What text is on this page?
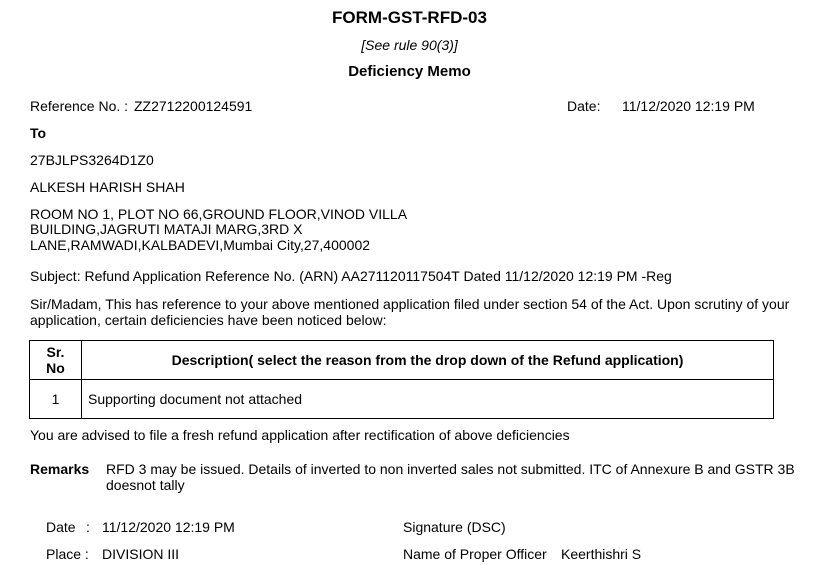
FORM-GST-RFD-03
[See rule 90(3)]
Deficiency Memo
Reference No. : ZZ2712200124591	Date: 11/12/2020 12:19 PM
To
27BJLPS3264D1Z0
ALKESH HARISH SHAH
ROOM NO 1, PLOT NO 66,GROUND FLOOR,VINOD VILLA
BUILDING,JAGRUTI MATAJI MARG,3RD X
LANE,RAMWADI,KALBADEVI,Mumbai City,27,400002
Subject: Refund Application Reference No. (ARN) AA271120117504T Dated 11/12/2020 12:19 PM -Reg
Sir/Madam, This has reference to your above mentioned application filed under section 54 of the Act. Upon scrutiny of your
application, certain deficiencies have been noticed below:
Sr. No	Description( select the reason from the drop down of the Refund application)
1	Supporting document not attached
You are advised to file a fresh refund application after rectification of above deficiencies
Remarks RFD 3 may be issued. Details of inverted to non inverted sales not submitted. ITC of Annexure B and GSTR 3B
doesnot tally
Date : 11/12/2020 12:19 PM	Signature (DSC)
Place : DIVISION III	Name of Proper Officer Keerthishri S
